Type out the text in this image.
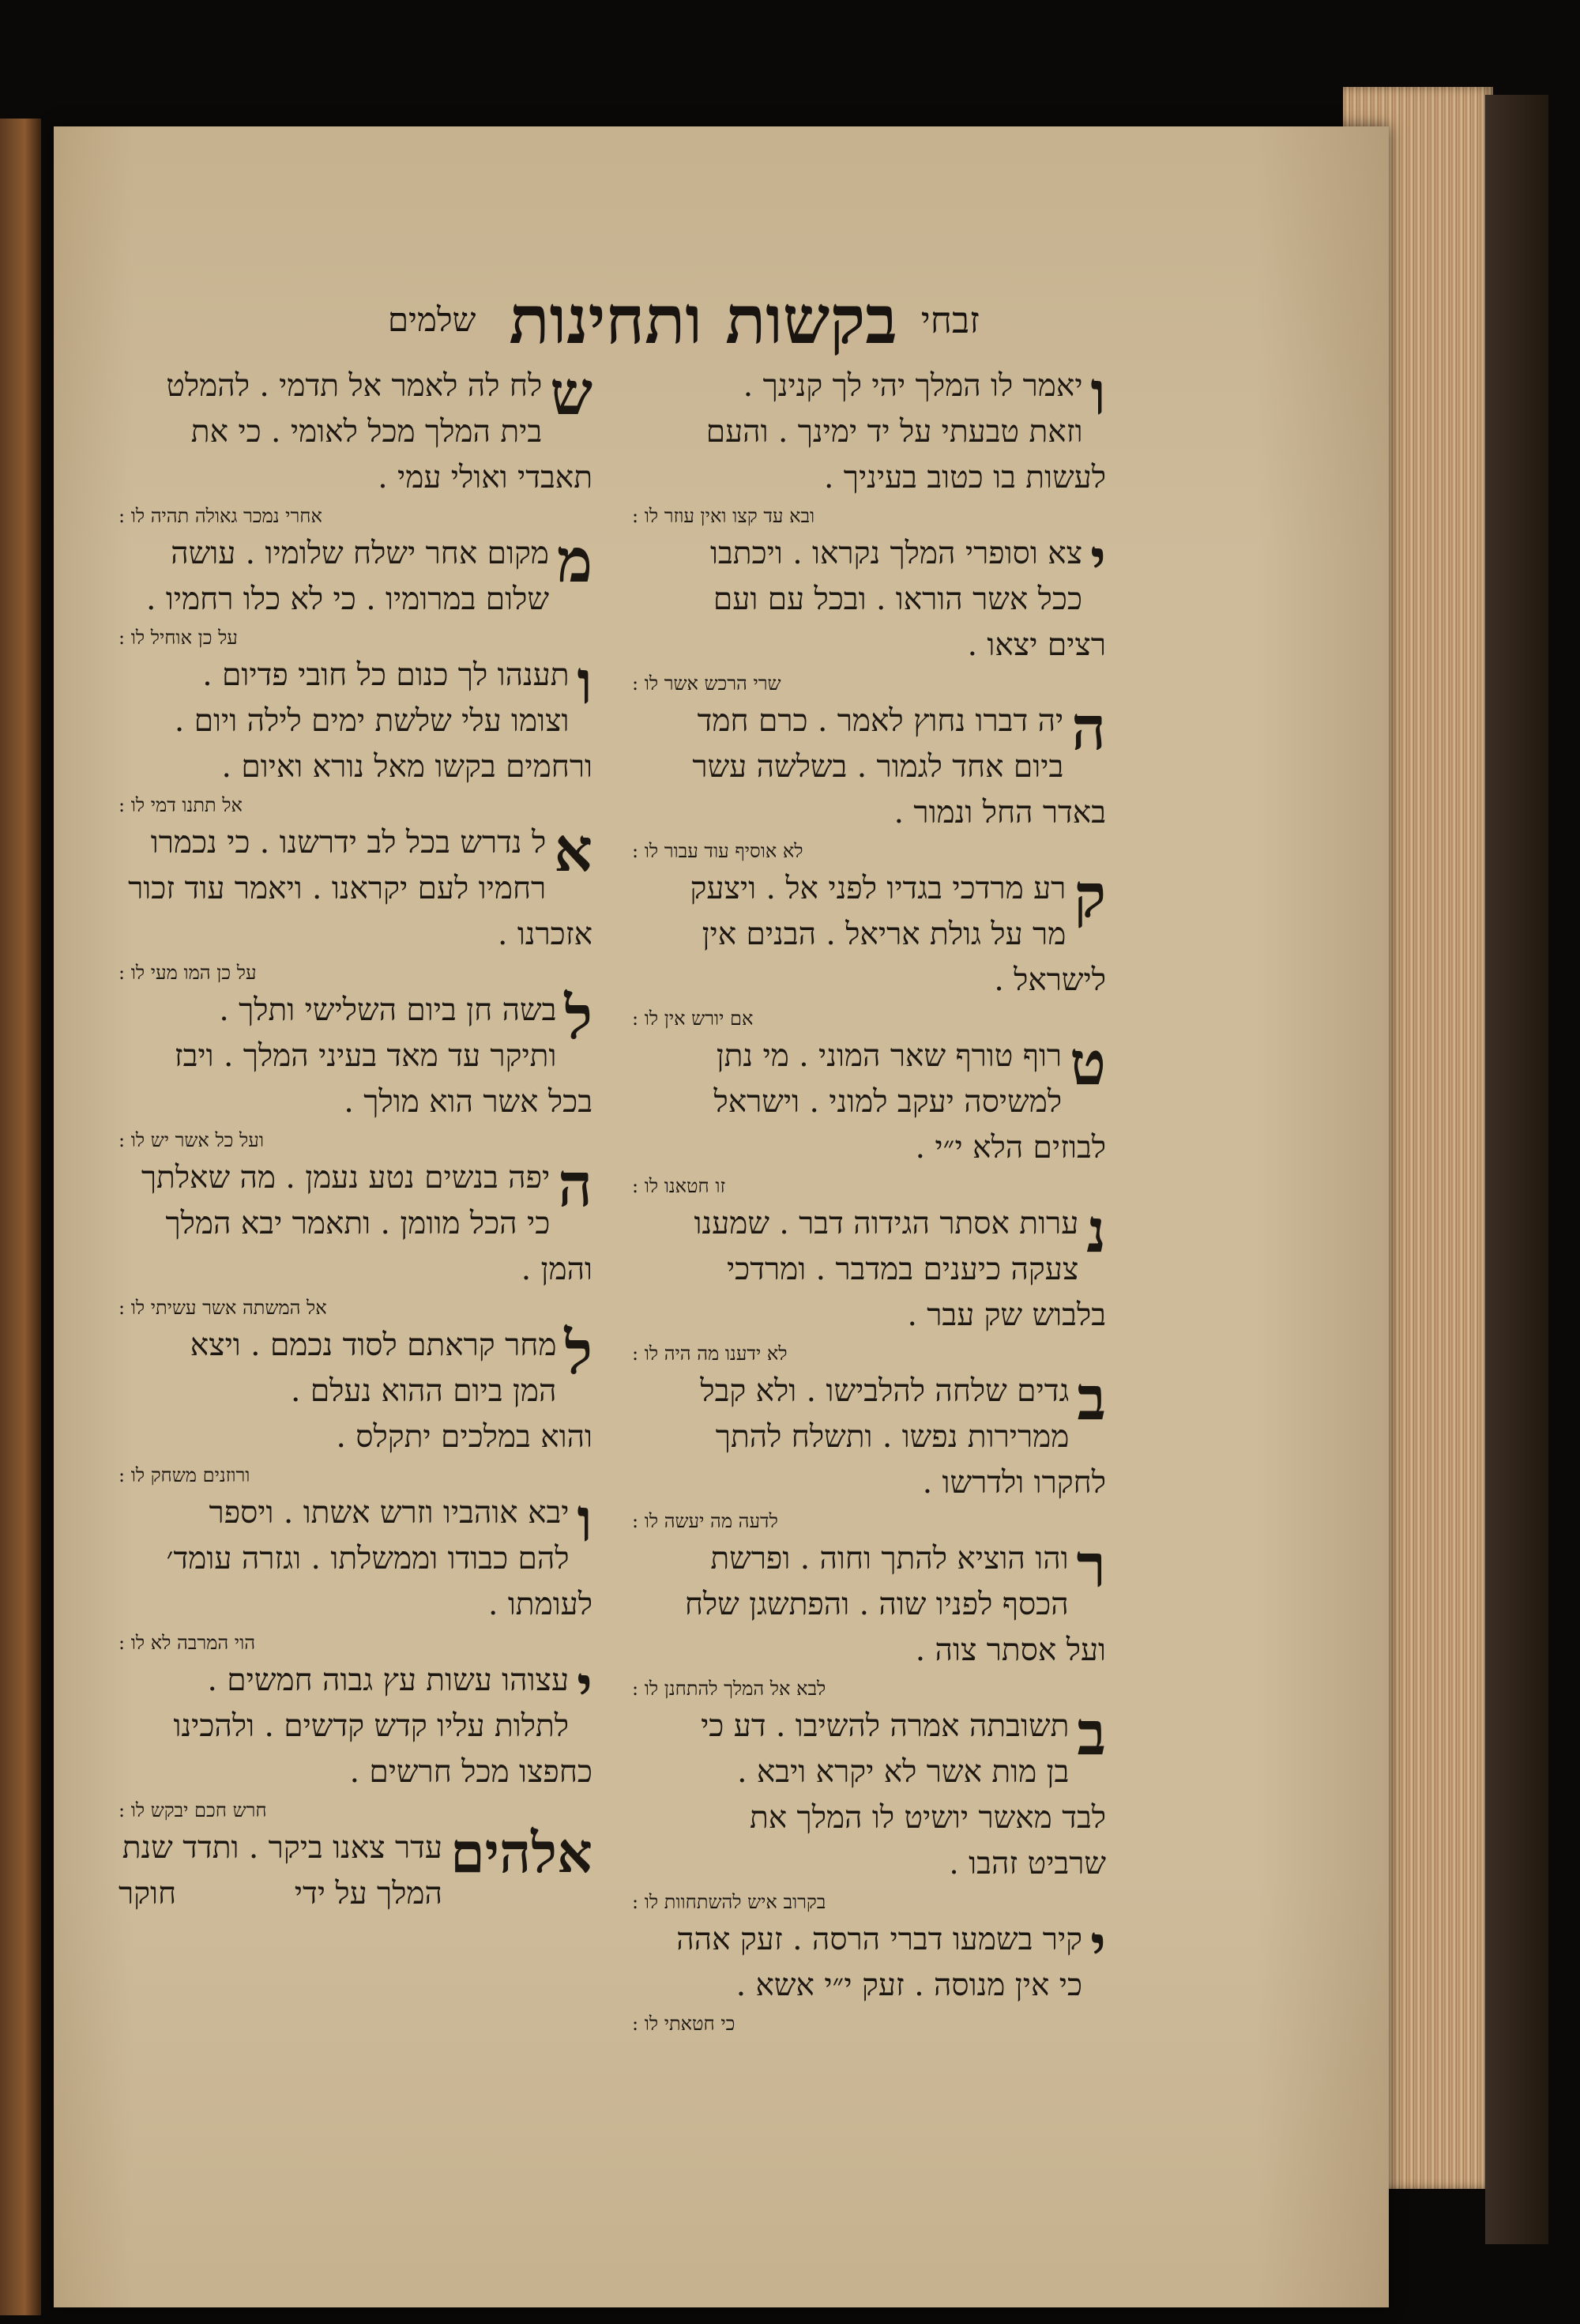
זבחי
בקשות ותחינות
שלמים
ו
יאמר לו המלך יהי לך קנינך .
וזאת טבעתי על יד ימינך . והעם
לעשות בו כטוב בעיניך .
ובא עד קצו ואין עוזר לו :
י
צא וסופרי המלך נקראו . ויכתבו
ככל אשר הוראו . ובכל עם ועם
רצים יצאו .
שרי הרכש אשר לו :
ה
יה דברו נחוץ לאמר . כרם חמד
ביום אחד לגמור . בשלשה עשר
באדר החל ונמור .
לא אוסיף עוד עבור לו :
ק
רע מרדכי בגדיו לפני אל . ויצעק
מר על גולת אריאל . הבנים אין
לישראל .
אם יורש אין לו :
ט
רוף טורף שאר המוני . מי נתן
למשיסה יעקב למוני . וישראל
לבוזים הלא י״י .
זו חטאנו לו :
נ
ערות אסתר הגידוה דבר . שמענו
צעקה כיענים במדבר . ומרדכי
בלבוש שק עבר .
לא ידענו מה היה לו :
ב
גדים שלחה להלבישו . ולא קבל
ממרירות נפשו . ותשלח להתך
לחקרו ולדרשו .
לדעה מה יעשה לו :
ר
והו הוציא להתך וחוה . ופרשת
הכסף לפניו שוה . והפתשגן שלח
ועל אסתר צוה .
לבא אל המלך להתחנן לו :
ב
תשובתה אמרה להשיבו . דע כי
בן מות אשר לא יקרא ויבא .
לבד מאשר יושיט לו המלך את
שרביט זהבו .
בקרוב איש להשתחוות לו :
י
קיר בשמעו דברי הרסה . זעק אהה
כי אין מנוסה . זעק י״י אשא .
כי חטאתי לו :
ש
לח לה לאמר אל תדמי . להמלט
בית המלך מכל לאומי . כי את
תאבדי ואולי עמי .
אחרי נמכר גאולה תהיה לו :
מ
מקום אחר ישלח שלומיו . עושה
שלום במרומיו . כי לא כלו רחמיו .
על כן אוחיל לו :
ו
תענהו לך כנום כל חובי פדיום .
וצומו עלי שלשת ימים לילה ויום .
ורחמים בקשו מאל נורא ואיום .
אל תתנו דמי לו :
א
ל נדרש בכל לב ידרשנו . כי נכמרו
רחמיו לעם יקראנו . ויאמר עוד זכור
אזכרנו .
על כן המו מעי לו :
ל
בשה חן ביום השלישי ותלך .
ותיקר עד מאד בעיני המלך . ויבז
בכל אשר הוא מולך .
ועל כל אשר יש לו :
ה
יפה בנשים נטע נעמן . מה שאלתך
כי הכל מוומן . ותאמר יבא המלך
והמן .
אל המשתה אשר עשיתי לו :
ל
מחר קראתם לסוד נכמם . ויצא
המן ביום ההוא נעלם .
והוא במלכים יתקלס .
ורוזנים משחק לו :
ו
יבא אוהביו וזרש אשתו . ויספר
להם כבודו וממשלתו . וגזרה עומד׳
לעומתו .
הוי המרבה לא לו :
י
עצוהו עשות עץ גבוה חמשים .
לתלות עליו קדש קדשים . ולהכינו
כחפצו מכל חרשים .
חרש חכם יבקש לו :
אלהים
עדר צאנו ביקר . ותדד שנת
המלך על ידי
חוקר
